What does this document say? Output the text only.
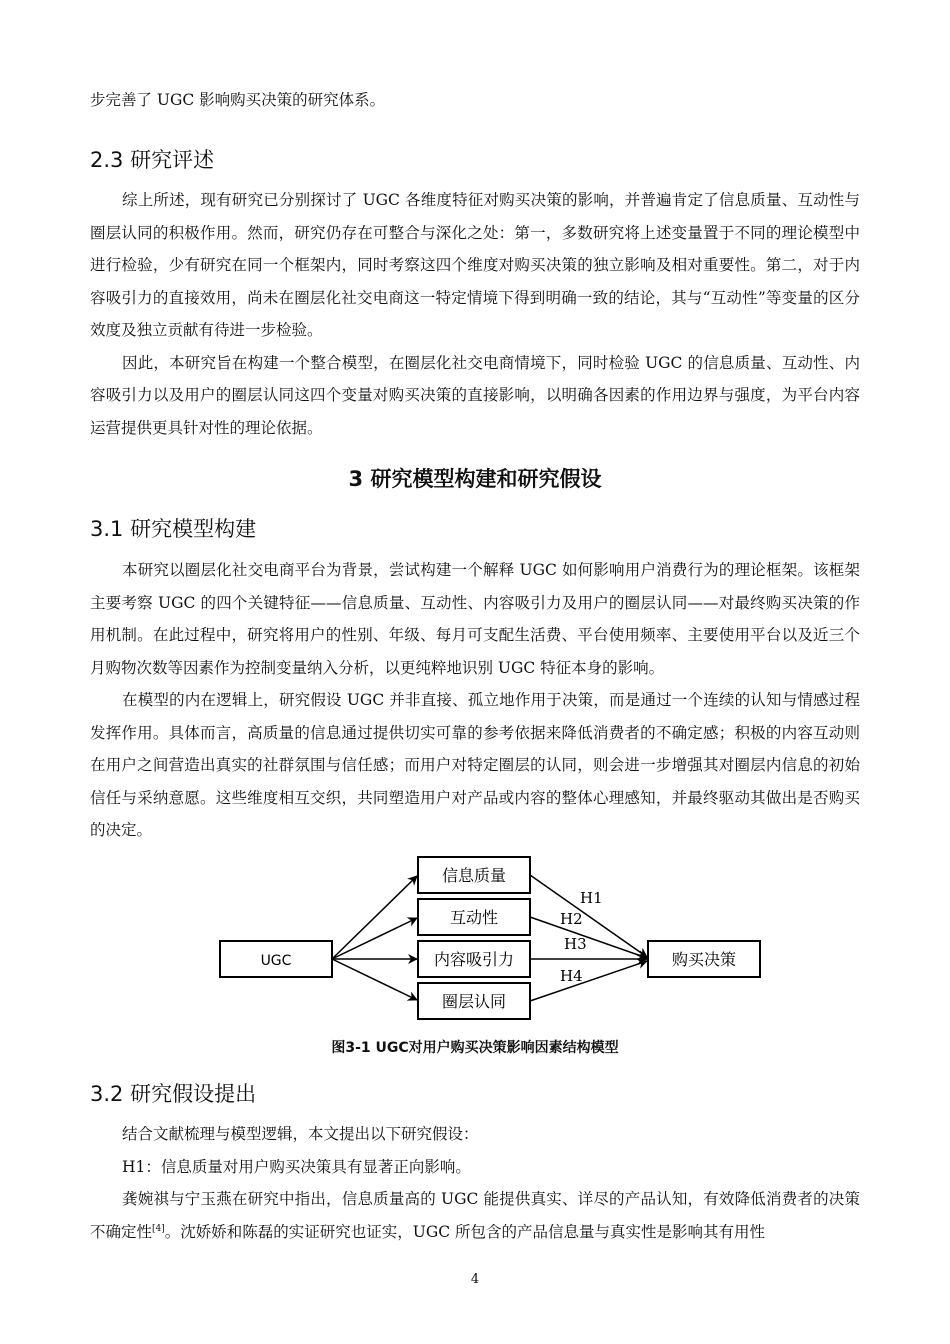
步完善了 UGC 影响购买决策的研究体系。

2.3 研究评述

综上所述，现有研究已分别探讨了 UGC 各维度特征对购买决策的影响，并普遍肯定了信息质量、互动性与圈层认同的积极作用。然而，研究仍存在可整合与深化之处：第一，多数研究将上述变量置于不同的理论模型中进行检验，少有研究在同一个框架内，同时考察这四个维度对购买决策的独立影响及相对重要性。第二，对于内容吸引力的直接效用，尚未在圈层化社交电商这一特定情境下得到明确一致的结论，其与“互动性”等变量的区分效度及独立贡献有待进一步检验。

因此，本研究旨在构建一个整合模型，在圈层化社交电商情境下，同时检验 UGC 的信息质量、互动性、内容吸引力以及用户的圈层认同这四个变量对购买决策的直接影响，以明确各因素的作用边界与强度，为平台内容运营提供更具针对性的理论依据。

3 研究模型构建和研究假设
3.1 研究模型构建

本研究以圈层化社交电商平台为背景，尝试构建一个解释 UGC 如何影响用户消费行为的理论框架。该框架主要考察 UGC 的四个关键特征——信息质量、互动性、内容吸引力及用户的圈层认同——对最终购买决策的作用机制。在此过程中，研究将用户的性别、年级、每月可支配生活费、平台使用频率、主要使用平台以及近三个月购物次数等因素作为控制变量纳入分析，以更纯粹地识别 UGC 特征本身的影响。

在模型的内在逻辑上，研究假设 UGC 并非直接、孤立地作用于决策，而是通过一个连续的认知与情感过程发挥作用。具体而言，高质量的信息通过提供切实可靠的参考依据来降低消费者的不确定感；积极的内容互动则在用户之间营造出真实的社群氛围与信任感；而用户对特定圈层的认同，则会进一步增强其对圈层内信息的初始信任与采纳意愿。这些维度相互交织，共同塑造用户对产品或内容的整体心理感知，并最终驱动其做出是否购买的决定。

UGC
信息质量
互动性
内容吸引力
圈层认同
购买决策
H1
H2
H3
H4
图3-1 UGC对用户购买决策影响因素结构模型
3.2 研究假设提出

结合文献梳理与模型逻辑，本文提出以下研究假设：

H1：信息质量对用户购买决策具有显著正向影响。

龚婉祺与宁玉燕在研究中指出，信息质量高的 UGC 能提供真实、详尽的产品认知，有效降低消费者的决策不确定性[4]。沈娇娇和陈磊的实证研究也证实，UGC 所包含的产品信息量与真实性是影响其有用性

4
